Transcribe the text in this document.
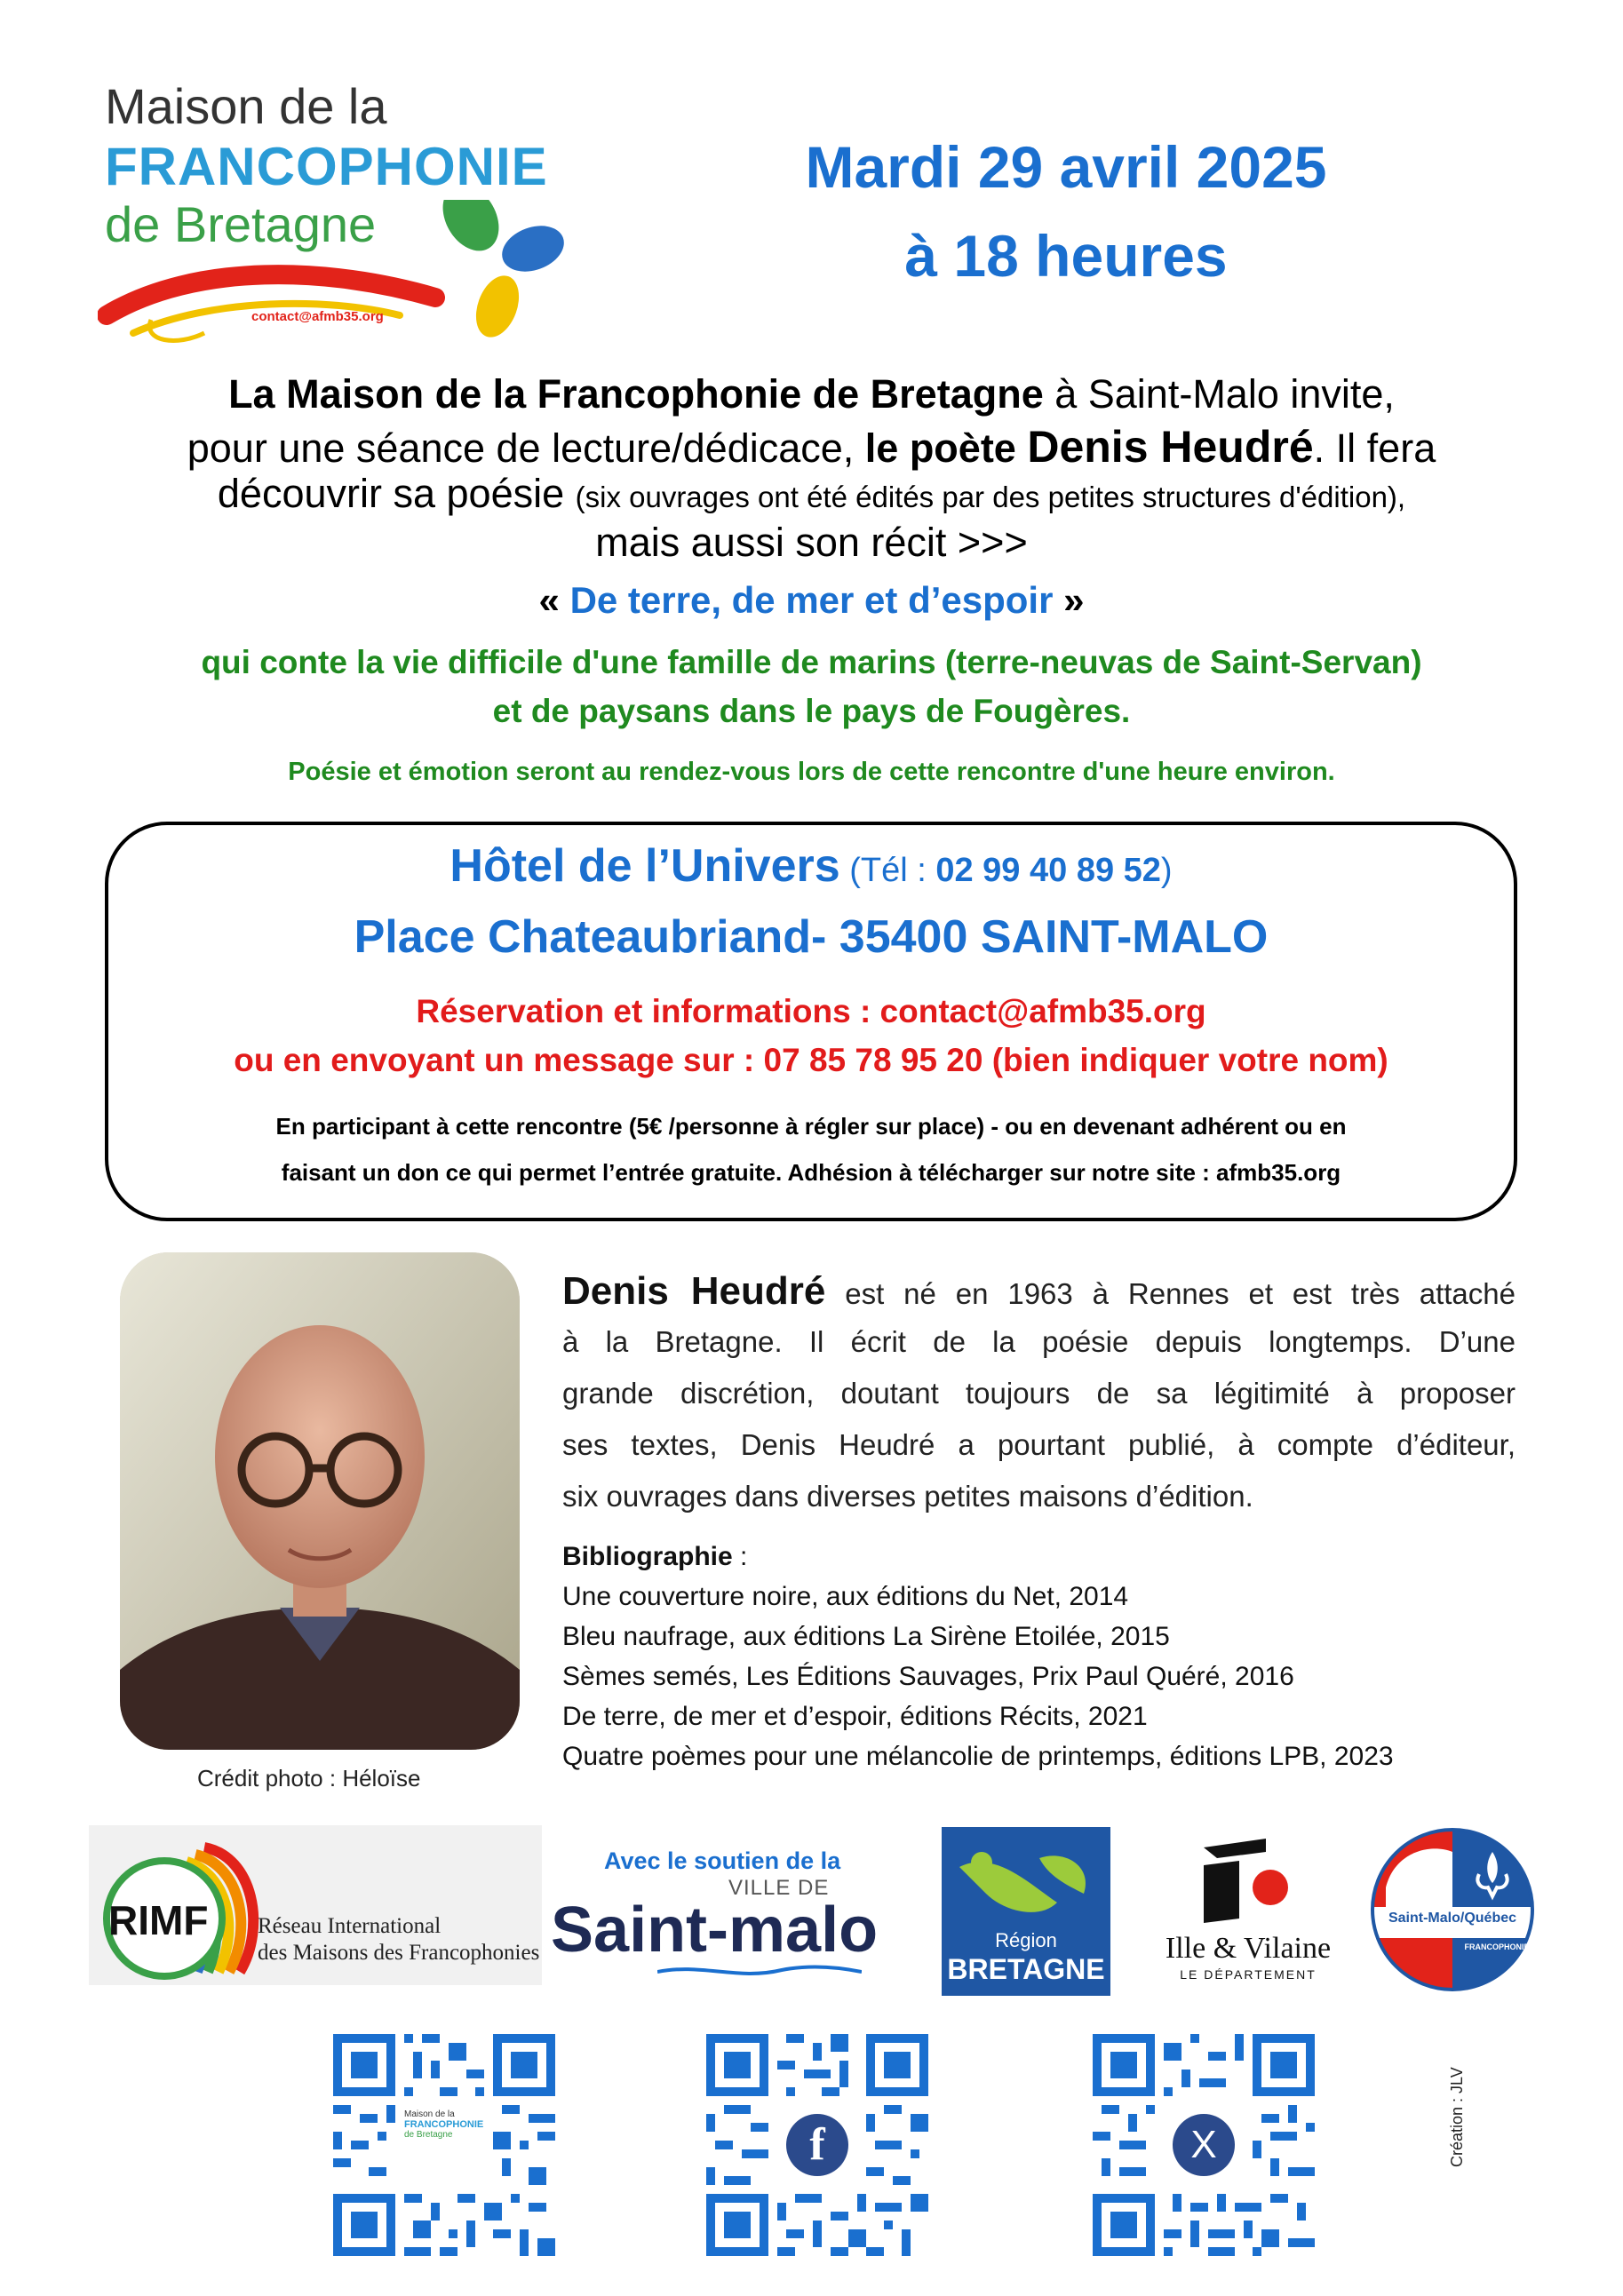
Maison de la
FRANCOPHONIE
de Bretagne
contact@afmb35.org
Mardi 29 avril 2025
à 18 heures
La Maison de la Francophonie de Bretagne à Saint-Malo invite,
pour une séance de lecture/dédicace, le poète Denis Heudré. Il fera
découvrir sa poésie (six ouvrages ont été édités par des petites structures d'édition),
mais aussi son récit >>>
« De terre, de mer et d’espoir »
qui conte la vie difficile d'une famille de marins (terre-neuvas de Saint-Servan)
et de paysans dans le pays de Fougères.
Poésie et émotion seront au rendez-vous lors de cette rencontre d'une heure environ.
Hôtel de l’Univers (Tél : 02 99 40 89 52)
Place Chateaubriand- 35400 SAINT-MALO
Réservation et informations : contact@afmb35.org
ou en envoyant un message sur : 07 85 78 95 20 (bien indiquer votre nom)
En participant à cette rencontre (5€ /personne à régler sur place) - ou en devenant adhérent ou en
faisant un don ce qui permet l’entrée gratuite. Adhésion à télécharger sur notre site : afmb35.org
Crédit photo : Héloïse
Denis Heudré est né en 1963 à Rennes et est très attaché
à la Bretagne. Il écrit de la poésie depuis longtemps. D’une
grande discrétion, doutant toujours de sa légitimité à proposer
ses textes, Denis Heudré a pourtant publié, à compte d’éditeur,
six ouvrages dans diverses petites maisons d’édition.
Bibliographie :
Une couverture noire, aux éditions du Net, 2014
Bleu naufrage, aux éditions La Sirène Etoilée, 2015
Sèmes semés, Les Éditions Sauvages, Prix Paul Quéré, 2016
De terre, de mer et d’espoir, éditions Récits, 2021
Quatre poèmes pour une mélancolie de printemps, éditions LPB, 2023
RIMF Réseau International
des Maisons des Francophonies
Avec le soutien de la
VILLE DE
Saint-malo	Région
BRETAGNE
Ille & Vilaine
LE DÉPARTEMENT
Saint-Malo/Québec
FRANCOPHONIE
Maison de la
FRANCOPHONIE
de Bretagne	f	X	Création : JLV
